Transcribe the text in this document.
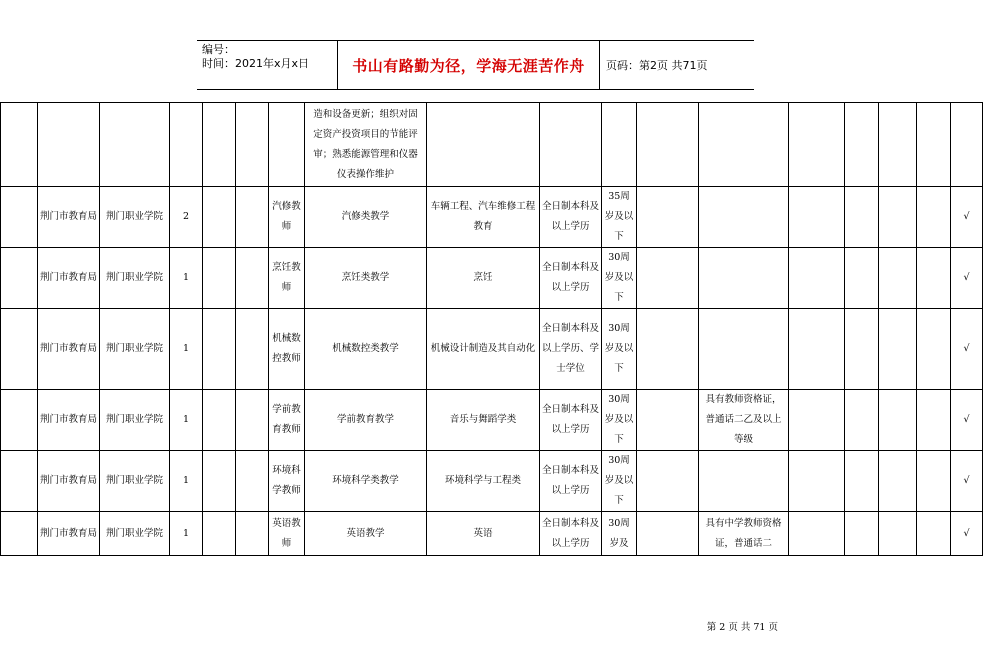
编号：
时间：2021年x月x日	书山有路勤为径，学海无涯苦作舟	页码：第2页 共71页
							造和设备更新；组织对固定资产投资项目的节能评审；熟悉能源管理和仪器仪表操作维护										
	荆门市教育局	荆门职业学院	2			汽修教师	汽修类教学	车辆工程、汽车维修工程教育	全日制本科及以上学历	35周岁及以下							√
	荆门市教育局	荆门职业学院	1			烹饪教师	烹饪类教学	烹饪	全日制本科及以上学历	30周岁及以下							√
	荆门市教育局	荆门职业学院	1			机械数控教师	机械数控类教学	机械设计制造及其自动化	全日制本科及以上学历、学士学位	30周岁及以下							√
	荆门市教育局	荆门职业学院	1			学前教育教师	学前教育教学	音乐与舞蹈学类	全日制本科及以上学历	30周岁及以下		具有教师资格证，普通话二乙及以上等级					√
	荆门市教育局	荆门职业学院	1			环境科学教师	环境科学类教学	环境科学与工程类	全日制本科及以上学历	30周岁及以下							√
	荆门市教育局	荆门职业学院	1			英语教师	英语教学	英语	全日制本科及以上学历	30周岁及		具有中学教师资格证，普通话二					√
第 2 页 共 71 页
